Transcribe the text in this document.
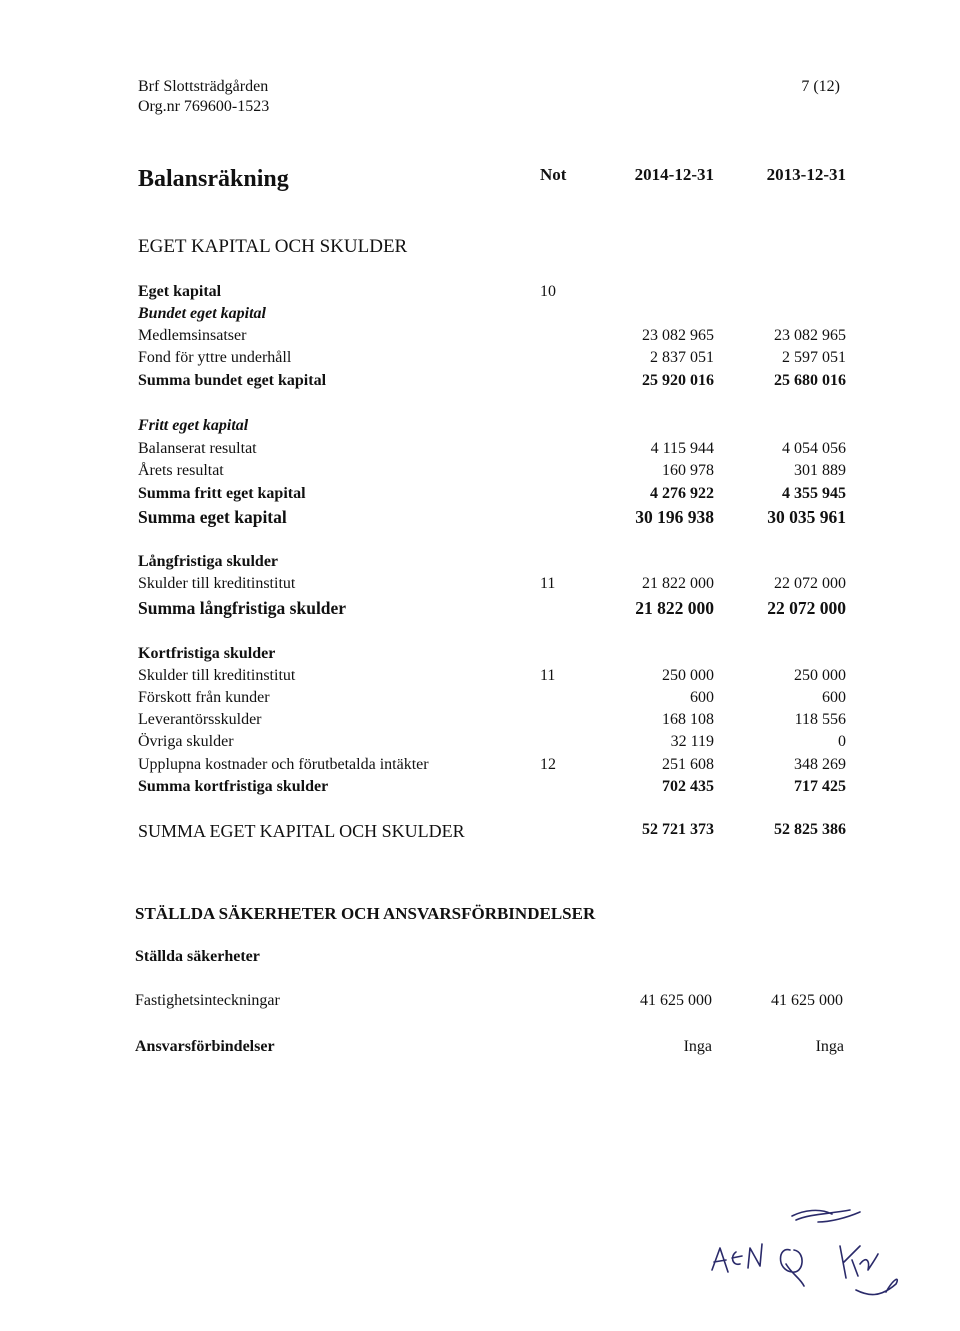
Brf Slottsträdgården
Org.nr 769600-1523
7 (12)
Balansräkning	Not	2014-12-31	2013-12-31
EGET KAPITAL OCH SKULDER
Eget kapital	10
Bundet eget kapital
Medlemsinsatser	23 082 965	23 082 965
Fond för yttre underhåll	2 837 051	2 597 051
Summa bundet eget kapital	25 920 016	25 680 016
Fritt eget kapital
Balanserat resultat	4 115 944	4 054 056
Årets resultat	160 978	301 889
Summa fritt eget kapital	4 276 922	4 355 945
Summa eget kapital	30 196 938	30 035 961
Långfristiga skulder
Skulder till kreditinstitut	11	21 822 000	22 072 000
Summa långfristiga skulder	21 822 000	22 072 000
Kortfristiga skulder
Skulder till kreditinstitut	11	250 000	250 000
Förskott från kunder	600	600
Leverantörsskulder	168 108	118 556
Övriga skulder	32 119	0
Upplupna kostnader och förutbetalda intäkter	12	251 608	348 269
Summa kortfristiga skulder	702 435	717 425
SUMMA EGET KAPITAL OCH SKULDER	52 721 373	52 825 386
STÄLLDA SÄKERHETER OCH ANSVARSFÖRBINDELSER
Ställda säkerheter
Fastighetsinteckningar	41 625 000	41 625 000
Ansvarsförbindelser	Inga	Inga
